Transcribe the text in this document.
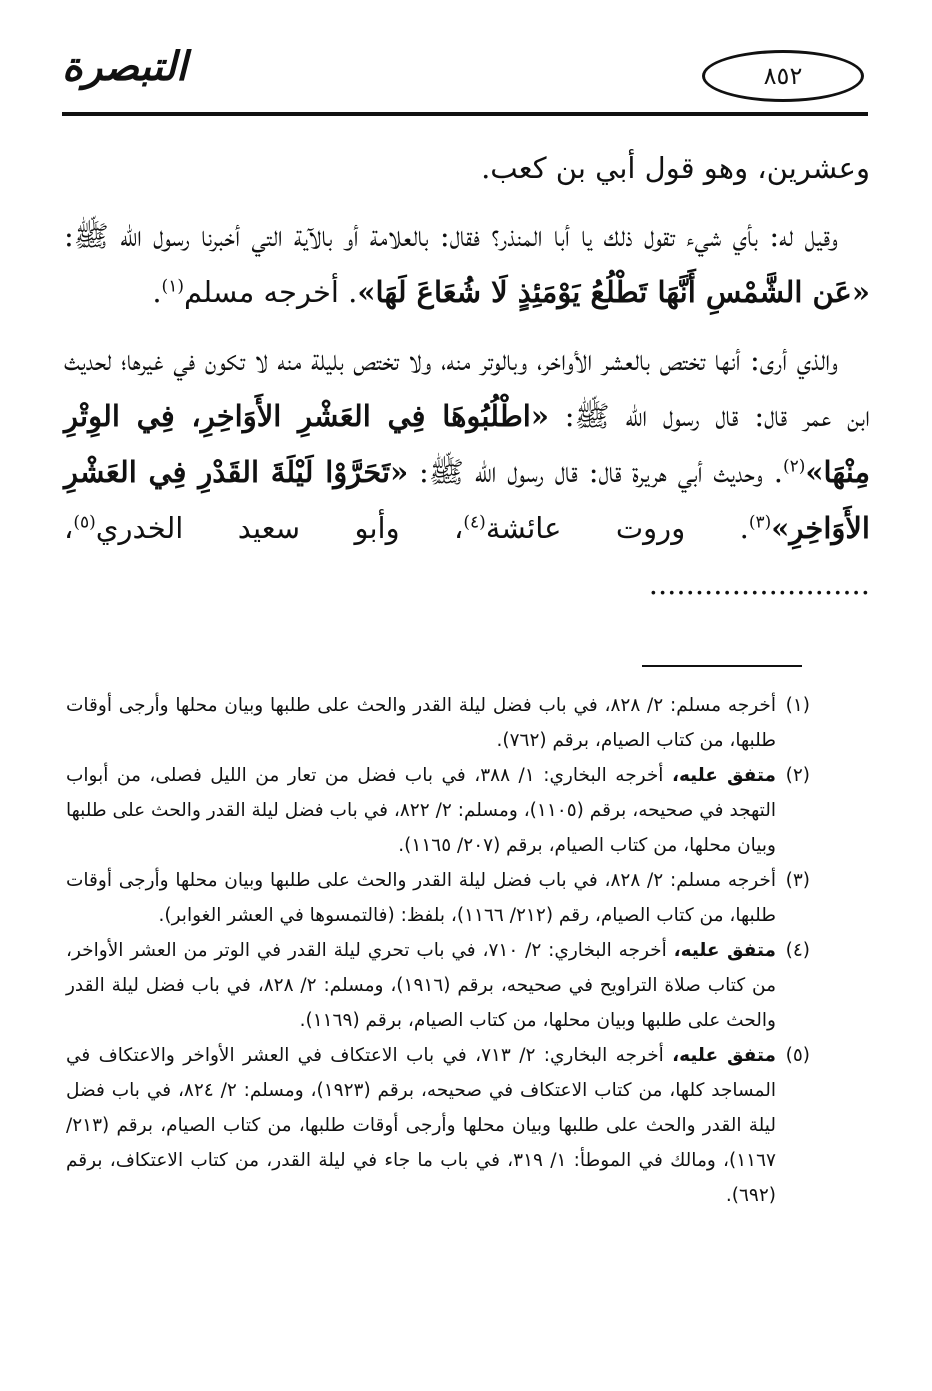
التبصرة	٨٥٢

وعشرين، وهو قول أبي بن كعب.

وقيل له: بأي شيء تقول ذلك يا أبا المنذر؟ فقال: بالعلامة أو بالآية التي أخبرنا رسول الله ﷺ: «عَن الشَّمْسِ أَنَّهَا تَطْلُعُ يَوْمَئِذٍ لَا شُعَاعَ لَهَا». أخرجه مسلم$^{(١)}$.

والذي أرى: أنها تختص بالعشر الأواخر، وبالوتر منه، ولا تختص بليلة منه لا تكون في غيرها؛ لحديث ابن عمر قال: قال رسول الله ﷺ: «اطْلُبُوهَا فِي العَشْرِ الأَوَاخِرِ، فِي الوِتْرِ مِنْهَا»$^{(٢)}$. وحديث أبي هريرة قال: قال رسول الله ﷺ: «تَحَرَّوْا لَيْلَةَ القَدْرِ فِي العَشْرِ الأَوَاخِرِ»$^{(٣)}$. وروت عائشة$^{(٤)}$، وأبو سعيد الخدري$^{(٥)}$، ........................

(١)
أخرجه مسلم: ٢/ ٨٢٨، في باب فضل ليلة القدر والحث على طلبها وبيان محلها وأرجى أوقات طلبها، من كتاب الصيام، برقم (٧٦٢).
(٢)
متفق عليه، أخرجه البخاري: ١/ ٣٨٨، في باب فضل من تعار من الليل فصلى، من أبواب التهجد في صحيحه، برقم (١١٠٥)، ومسلم: ٢/ ٨٢٢، في باب فضل ليلة القدر والحث على طلبها وبيان محلها، من كتاب الصيام، برقم (٢٠٧/ ١١٦٥).
(٣)
أخرجه مسلم: ٢/ ٨٢٨، في باب فضل ليلة القدر والحث على طلبها وبيان محلها وأرجى أوقات طلبها، من كتاب الصيام، رقم (٢١٢/ ١١٦٦)، بلفظ: (فالتمسوها في العشر الغوابر).
(٤)
متفق عليه، أخرجه البخاري: ٢/ ٧١٠، في باب تحري ليلة القدر في الوتر من العشر الأواخر، من كتاب صلاة التراويح في صحيحه، برقم (١٩١٦)، ومسلم: ٢/ ٨٢٨، في باب فضل ليلة القدر والحث على طلبها وبيان محلها، من كتاب الصيام، برقم (١١٦٩).
(٥)
متفق عليه، أخرجه البخاري: ٢/ ٧١٣، في باب الاعتكاف في العشر الأواخر والاعتكاف في المساجد كلها، من كتاب الاعتكاف في صحيحه، برقم (١٩٢٣)، ومسلم: ٢/ ٨٢٤، في باب فضل ليلة القدر والحث على طلبها وبيان محلها وأرجى أوقات طلبها، من كتاب الصيام، برقم (٢١٣/ ١١٦٧)، ومالك في الموطأ: ١/ ٣١٩، في باب ما جاء في ليلة القدر، من كتاب الاعتكاف، برقم (٦٩٢).
